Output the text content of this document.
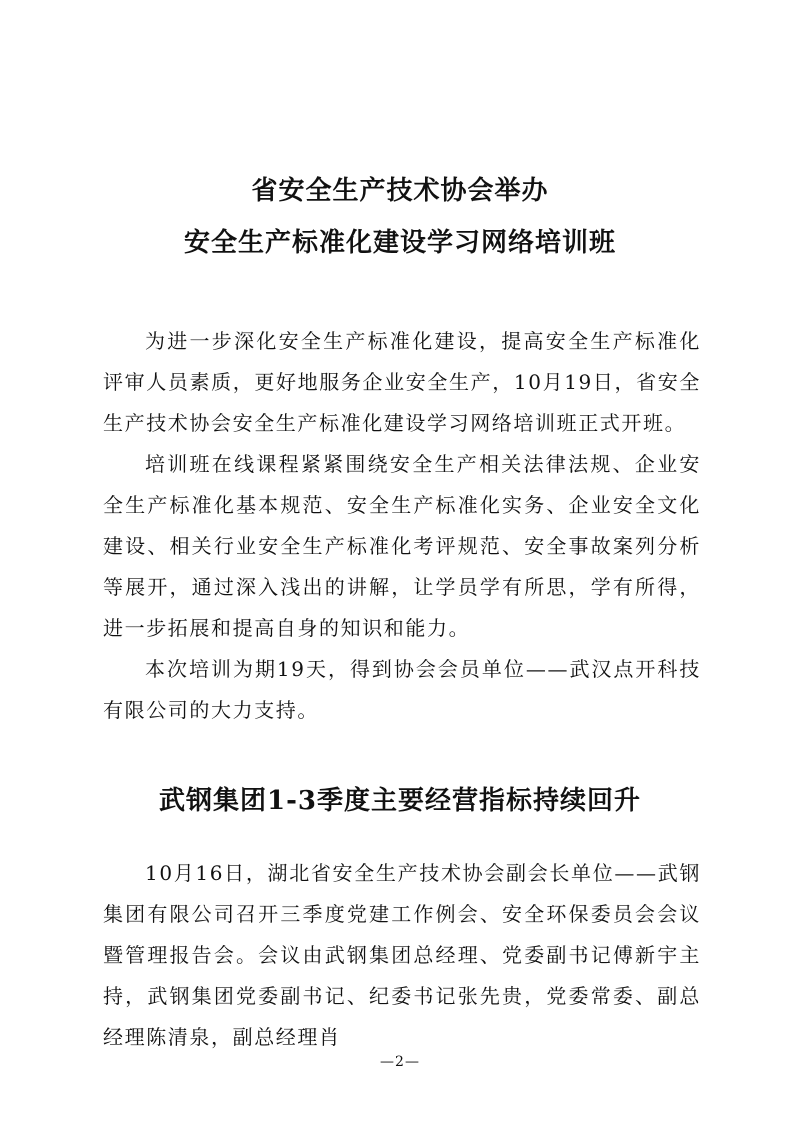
省安全生产技术协会举办
安全生产标准化建设学习网络培训班

为进一步深化安全生产标准化建设，提高安全生产标准化评审人员素质，更好地服务企业安全生产，10月19日，省安全生产技术协会安全生产标准化建设学习网络培训班正式开班。

培训班在线课程紧紧围绕安全生产相关法律法规、企业安全生产标准化基本规范、安全生产标准化实务、企业安全文化建设、相关行业安全生产标准化考评规范、安全事故案列分析等展开，通过深入浅出的讲解，让学员学有所思，学有所得，进一步拓展和提高自身的知识和能力。

本次培训为期19天，得到协会会员单位——武汉点开科技有限公司的大力支持。

武钢集团1-3季度主要经营指标持续回升

10月16日，湖北省安全生产技术协会副会长单位——武钢集团有限公司召开三季度党建工作例会、安全环保委员会会议暨管理报告会。会议由武钢集团总经理、党委副书记傅新宇主持，武钢集团党委副书记、纪委书记张先贵，党委常委、副总经理陈清泉，副总经理肖

—2—
